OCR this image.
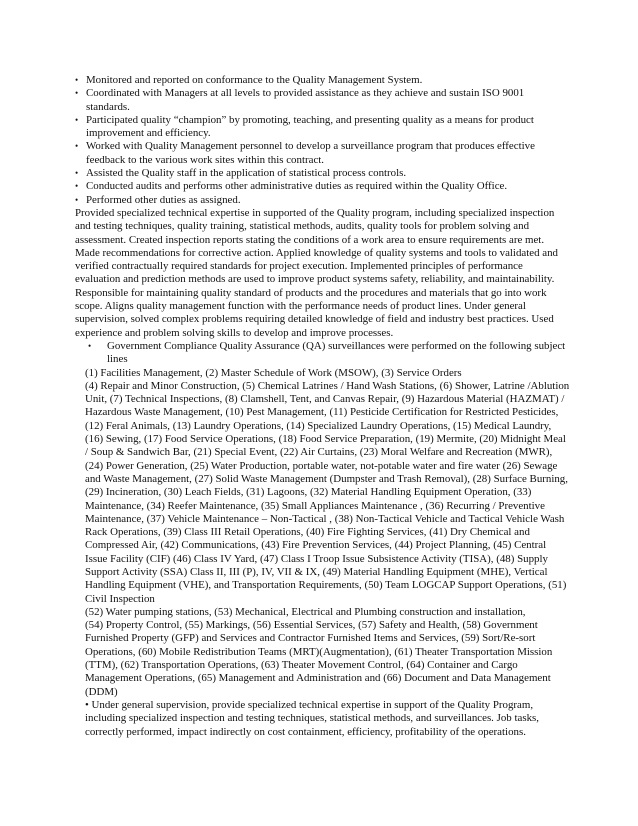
• Monitored and reported on conformance to the Quality Management System.
• Coordinated with Managers at all levels to provided assistance as they achieve and sustain ISO 9001 standards.
• Participated quality “champion” by promoting, teaching, and presenting quality as a means for product improvement and efficiency.
• Worked with Quality Management personnel to develop a surveillance program that produces effective feedback to the various work sites within this contract.
• Assisted the Quality staff in the application of statistical process controls.
• Conducted audits and performs other administrative duties as required within the Quality Office.
• Performed other duties as assigned.

Provided specialized technical expertise in supported of the Quality program, including specialized inspection and testing techniques, quality training, statistical methods, audits, quality tools for problem solving and assessment. Created inspection reports stating the conditions of a work area to ensure requirements are met. Made recommendations for corrective action. Applied knowledge of quality systems and tools to validated and verified contractually required standards for project execution. Implemented principles of performance evaluation and prediction methods are used to improve product systems safety, reliability, and maintainability. Responsible for maintaining quality standard of products and the procedures and materials that go into work scope. Aligns quality management function with the performance needs of product lines. Under general supervision, solved complex problems requiring detailed knowledge of field and industry best practices. Used experience and problem solving skills to develop and improve processes.

• Government Compliance Quality Assurance (QA) surveillances were performed on the following subject lines
(1) Facilities Management, (2) Master Schedule of Work (MSOW), (3) Service Orders
(4) Repair and Minor Construction, (5) Chemical Latrines / Hand Wash Stations, (6) Shower, Latrine /Ablution Unit, (7) Technical Inspections, (8) Clamshell, Tent, and Canvas Repair, (9) Hazardous Material (HAZMAT) / Hazardous Waste Management, (10) Pest Management, (11) Pesticide Certification for Restricted Pesticides, (12) Feral Animals, (13) Laundry Operations, (14) Specialized Laundry Operations, (15) Medical Laundry, (16) Sewing, (17) Food Service Operations, (18) Food Service Preparation, (19) Mermite, (20) Midnight Meal / Soup & Sandwich Bar, (21) Special Event, (22) Air Curtains, (23) Moral Welfare and Recreation (MWR), (24) Power Generation, (25) Water Production, portable water, not-potable water and fire water (26) Sewage and Waste Management, (27) Solid Waste Management (Dumpster and Trash Removal), (28) Surface Burning, (29) Incineration, (30) Leach Fields, (31) Lagoons, (32) Material Handling Equipment Operation, (33) Maintenance, (34) Reefer Maintenance, (35) Small Appliances Maintenance , (36) Recurring / Preventive Maintenance, (37) Vehicle Maintenance – Non-Tactical , (38) Non-Tactical Vehicle and Tactical Vehicle Wash Rack Operations, (39) Class III Retail Operations, (40) Fire Fighting Services, (41) Dry Chemical and Compressed Air, (42) Communications, (43) Fire Prevention Services, (44) Project Planning, (45) Central Issue Facility (CIF) (46) Class IV Yard, (47) Class I Troop Issue Subsistence Activity (TISA), (48) Supply Support Activity (SSA) Class II, III (P), IV, VII & IX, (49) Material Handling Equipment (MHE), Vertical Handling Equipment (VHE), and Transportation Requirements, (50) Team LOGCAP Support Operations, (51) Civil Inspection
(52) Water pumping stations, (53) Mechanical, Electrical and Plumbing construction and installation,
(54) Property Control, (55) Markings, (56) Essential Services, (57) Safety and Health, (58) Government Furnished Property (GFP) and Services and Contractor Furnished Items and Services, (59) Sort/Re-sort Operations, (60) Mobile Redistribution Teams (MRT)(Augmentation), (61) Theater Transportation Mission (TTM), (62) Transportation Operations, (63) Theater Movement Control, (64) Container and Cargo Management Operations, (65) Management and Administration and (66) Document and Data Management (DDM)

• Under general supervision, provide specialized technical expertise in support of the Quality Program, including specialized inspection and testing techniques, statistical methods, and surveillances. Job tasks, correctly performed, impact indirectly on cost containment, efficiency, profitability of the operations.
